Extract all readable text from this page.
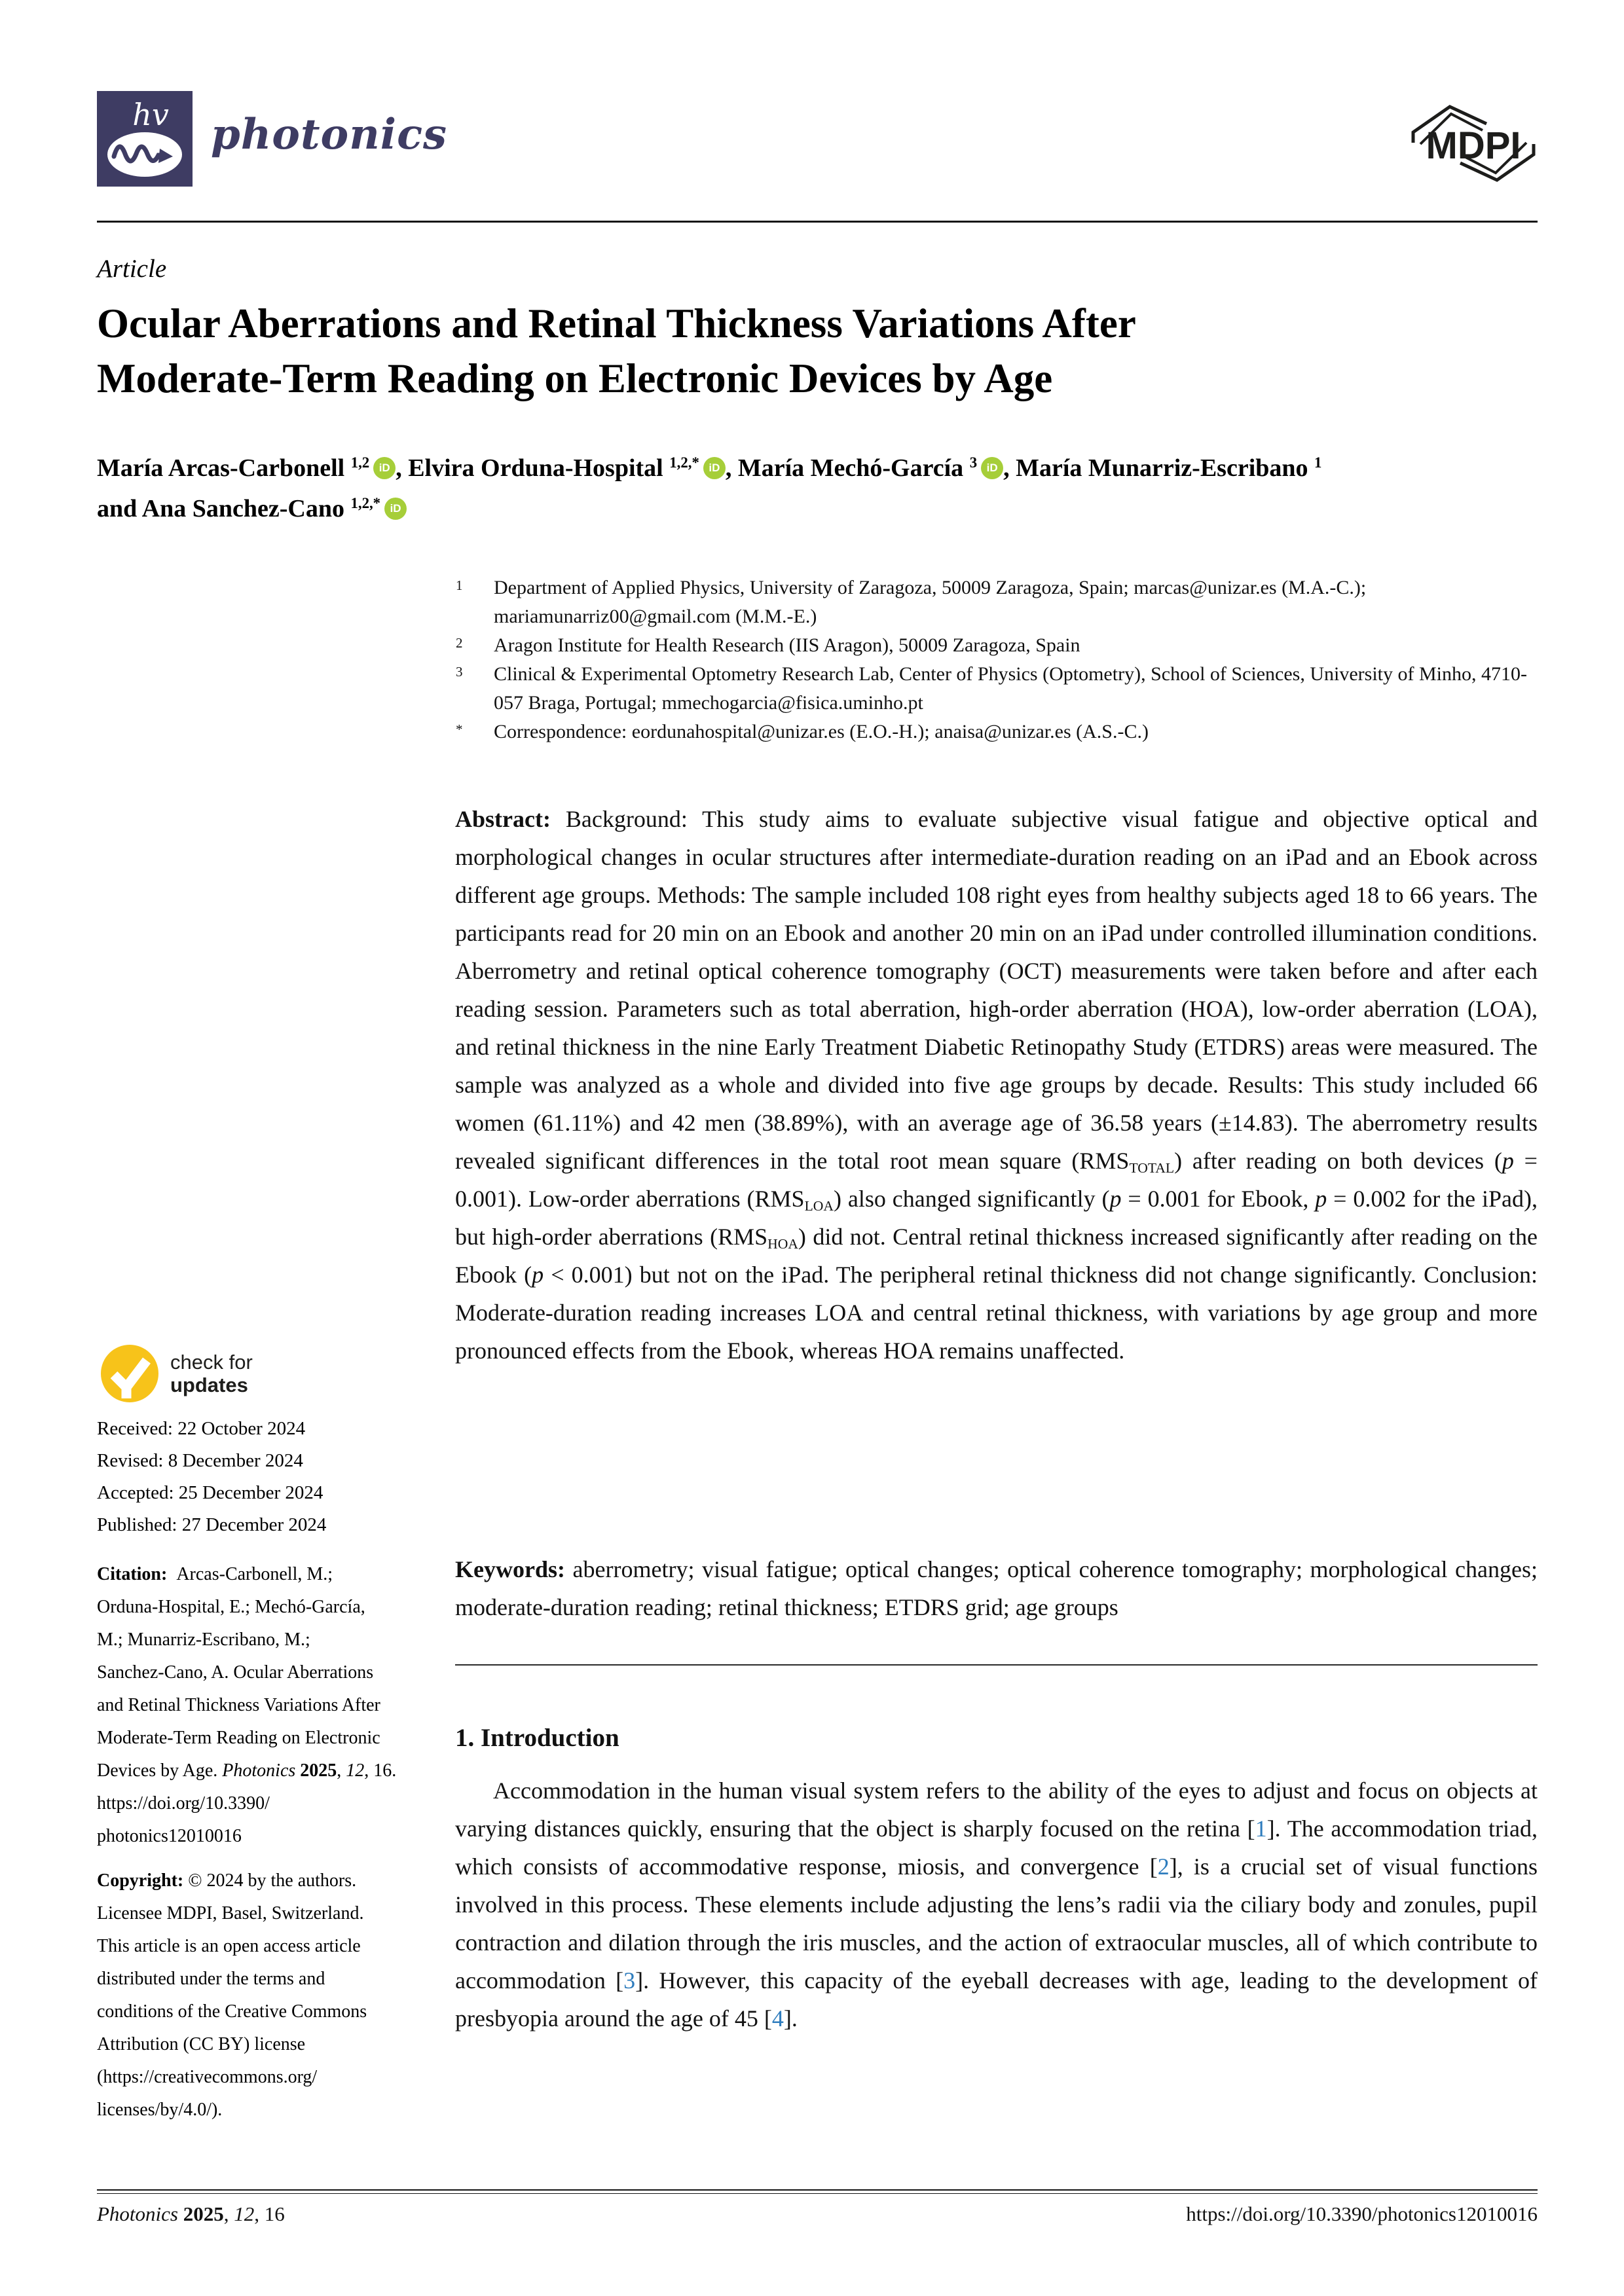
hv photonics	MDPI
Article
Ocular Aberrations and Retinal Thickness Variations After
Moderate-Term Reading on Electronic Devices by Age
María Arcas-Carbonell $^{1,2}$ iD , Elvira Orduna-Hospital $^{1,2,*}$ iD , María Mechó-García $^3$ iD , María Munarriz-Escribano $^1$
and Ana Sanchez-Cano $^{1,2,*}$ iD
1	Department of Applied Physics, University of Zaragoza, 50009 Zaragoza, Spain; marcas@unizar.es (M.A.-C.); mariamunarriz00@gmail.com (M.M.-E.)
2	Aragon Institute for Health Research (IIS Aragon), 50009 Zaragoza, Spain
3	Clinical & Experimental Optometry Research Lab, Center of Physics (Optometry), School of Sciences, University of Minho, 4710-057 Braga, Portugal; mmechogarcia@fisica.uminho.pt
*	Correspondence: eordunahospital@unizar.es (E.O.-H.); anaisa@unizar.es (A.S.-C.)
Abstract: Background: This study aims to evaluate subjective visual fatigue and objective optical and morphological changes in ocular structures after intermediate-duration reading on an iPad and an Ebook across different age groups. Methods: The sample included 108 right eyes from healthy subjects aged 18 to 66 years. The participants read for 20 min on an Ebook and another 20 min on an iPad under controlled illumination conditions. Aberrometry and retinal optical coherence tomography (OCT) measurements were taken before and after each reading session. Parameters such as total aberration, high-order aberration (HOA), low-order aberration (LOA), and retinal thickness in the nine Early Treatment Diabetic Retinopathy Study (ETDRS) areas were measured. The sample was analyzed as a whole and divided into five age groups by decade. Results: This study included 66 women (61.11%) and 42 men (38.89%), with an average age of 36.58 years (±14.83). The aberrometry results revealed significant differences in the total root mean square (RMSTOTAL) after reading on both devices (p = 0.001). Low-order aberrations (RMSLOA) also changed significantly (p = 0.001 for Ebook, p = 0.002 for the iPad), but high-order aberrations (RMSHOA) did not. Central retinal thickness increased significantly after reading on the Ebook (p < 0.001) but not on the iPad. The peripheral retinal thickness did not change significantly. Conclusion: Moderate-duration reading increases LOA and central retinal thickness, with variations by age group and more pronounced effects from the Ebook, whereas HOA remains unaffected.
Keywords: aberrometry; visual fatigue; optical changes; optical coherence tomography; morphological changes; moderate-duration reading; retinal thickness; ETDRS grid; age groups
1. Introduction
Accommodation in the human visual system refers to the ability of the eyes to adjust and focus on objects at varying distances quickly, ensuring that the object is sharply focused on the retina [1]. The accommodation triad, which consists of accommodative response, miosis, and convergence [2], is a crucial set of visual functions involved in this process. These elements include adjusting the lens’s radii via the ciliary body and zonules, pupil contraction and dilation through the iris muscles, and the action of extraocular muscles, all of which contribute to accommodation [3]. However, this capacity of the eyeball decreases with age, leading to the development of presbyopia around the age of 45 [4].
check for
updates
Received: 22 October 2024
Revised: 8 December 2024
Accepted: 25 December 2024
Published: 27 December 2024
Citation: Arcas-Carbonell, M.;
Orduna-Hospital, E.; Mechó-García,
M.; Munarriz-Escribano, M.;
Sanchez-Cano, A. Ocular Aberrations
and Retinal Thickness Variations After
Moderate-Term Reading on Electronic
Devices by Age. Photonics 2025, 12, 16.
https://doi.org/10.3390/
photonics12010016
Copyright: © 2024 by the authors.
Licensee MDPI, Basel, Switzerland.
This article is an open access article
distributed under the terms and
conditions of the Creative Commons
Attribution (CC BY) license
(https://creativecommons.org/
licenses/by/4.0/).
Photonics 2025, 12, 16	https://doi.org/10.3390/photonics12010016
